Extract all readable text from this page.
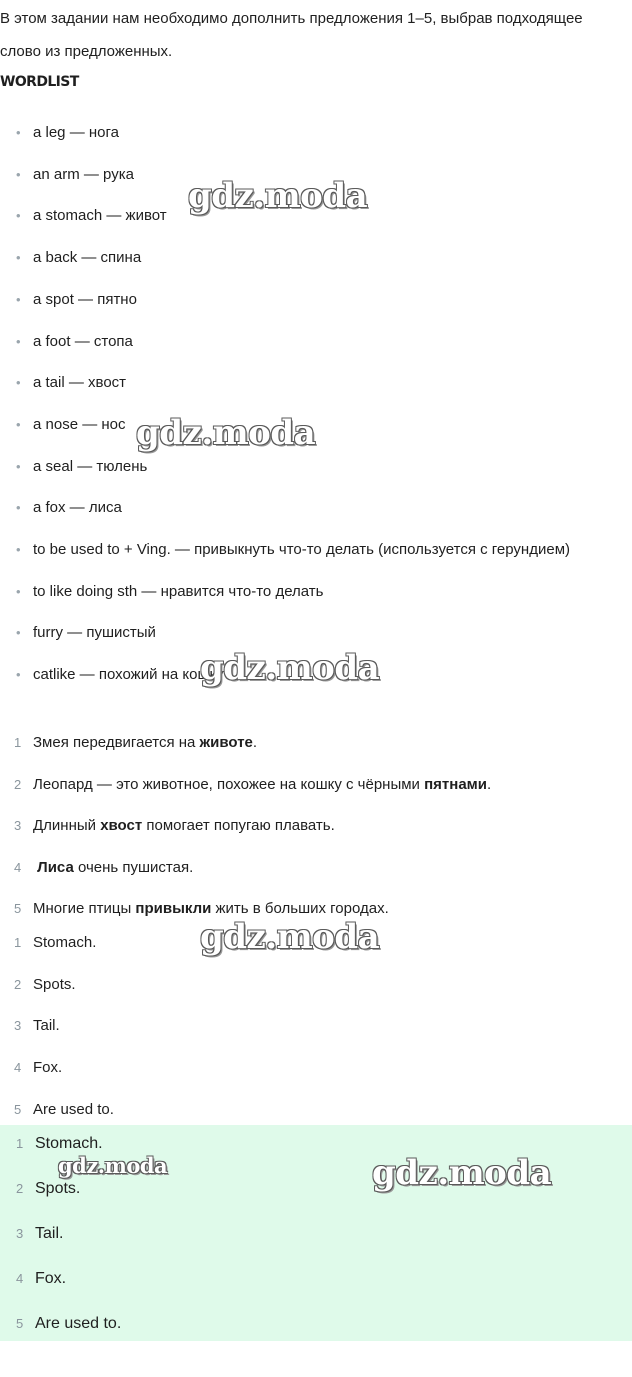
В этом задании нам необходимо дополнить предложения 1–5, выбрав подходящее слово из предложенных.

WORDLIST
• a leg — нога
• an arm — рука
• a stomach — живот
• a back — спина
• a spot — пятно
• a foot — стопа
• a tail — хвост
• a nose — нос
• a seal — тюлень
• a fox — лиса
• to be used to + Ving. — привыкнуть что-то делать (используется с герундием)
• to like doing sth — нравится что-то делать
• furry — пушистый
• catlike — похожий на кошку
1 Змея передвигается на животе.
2 Леопард — это животное, похожее на кошку с чёрными пятнами.
3 Длинный хвост помогает попугаю плавать.
4 Лиса очень пушистая.
5 Многие птицы привыкли жить в больших городах.
1 Stomach.
2 Spots.
3 Tail.
4 Fox.
5 Are used to.
1 Stomach.
2 Spots.
3 Tail.
4 Fox.
5 Are used to.
gdz.moda
gdz.moda
gdz.moda
gdz.moda
gdz.moda	gdz.moda
